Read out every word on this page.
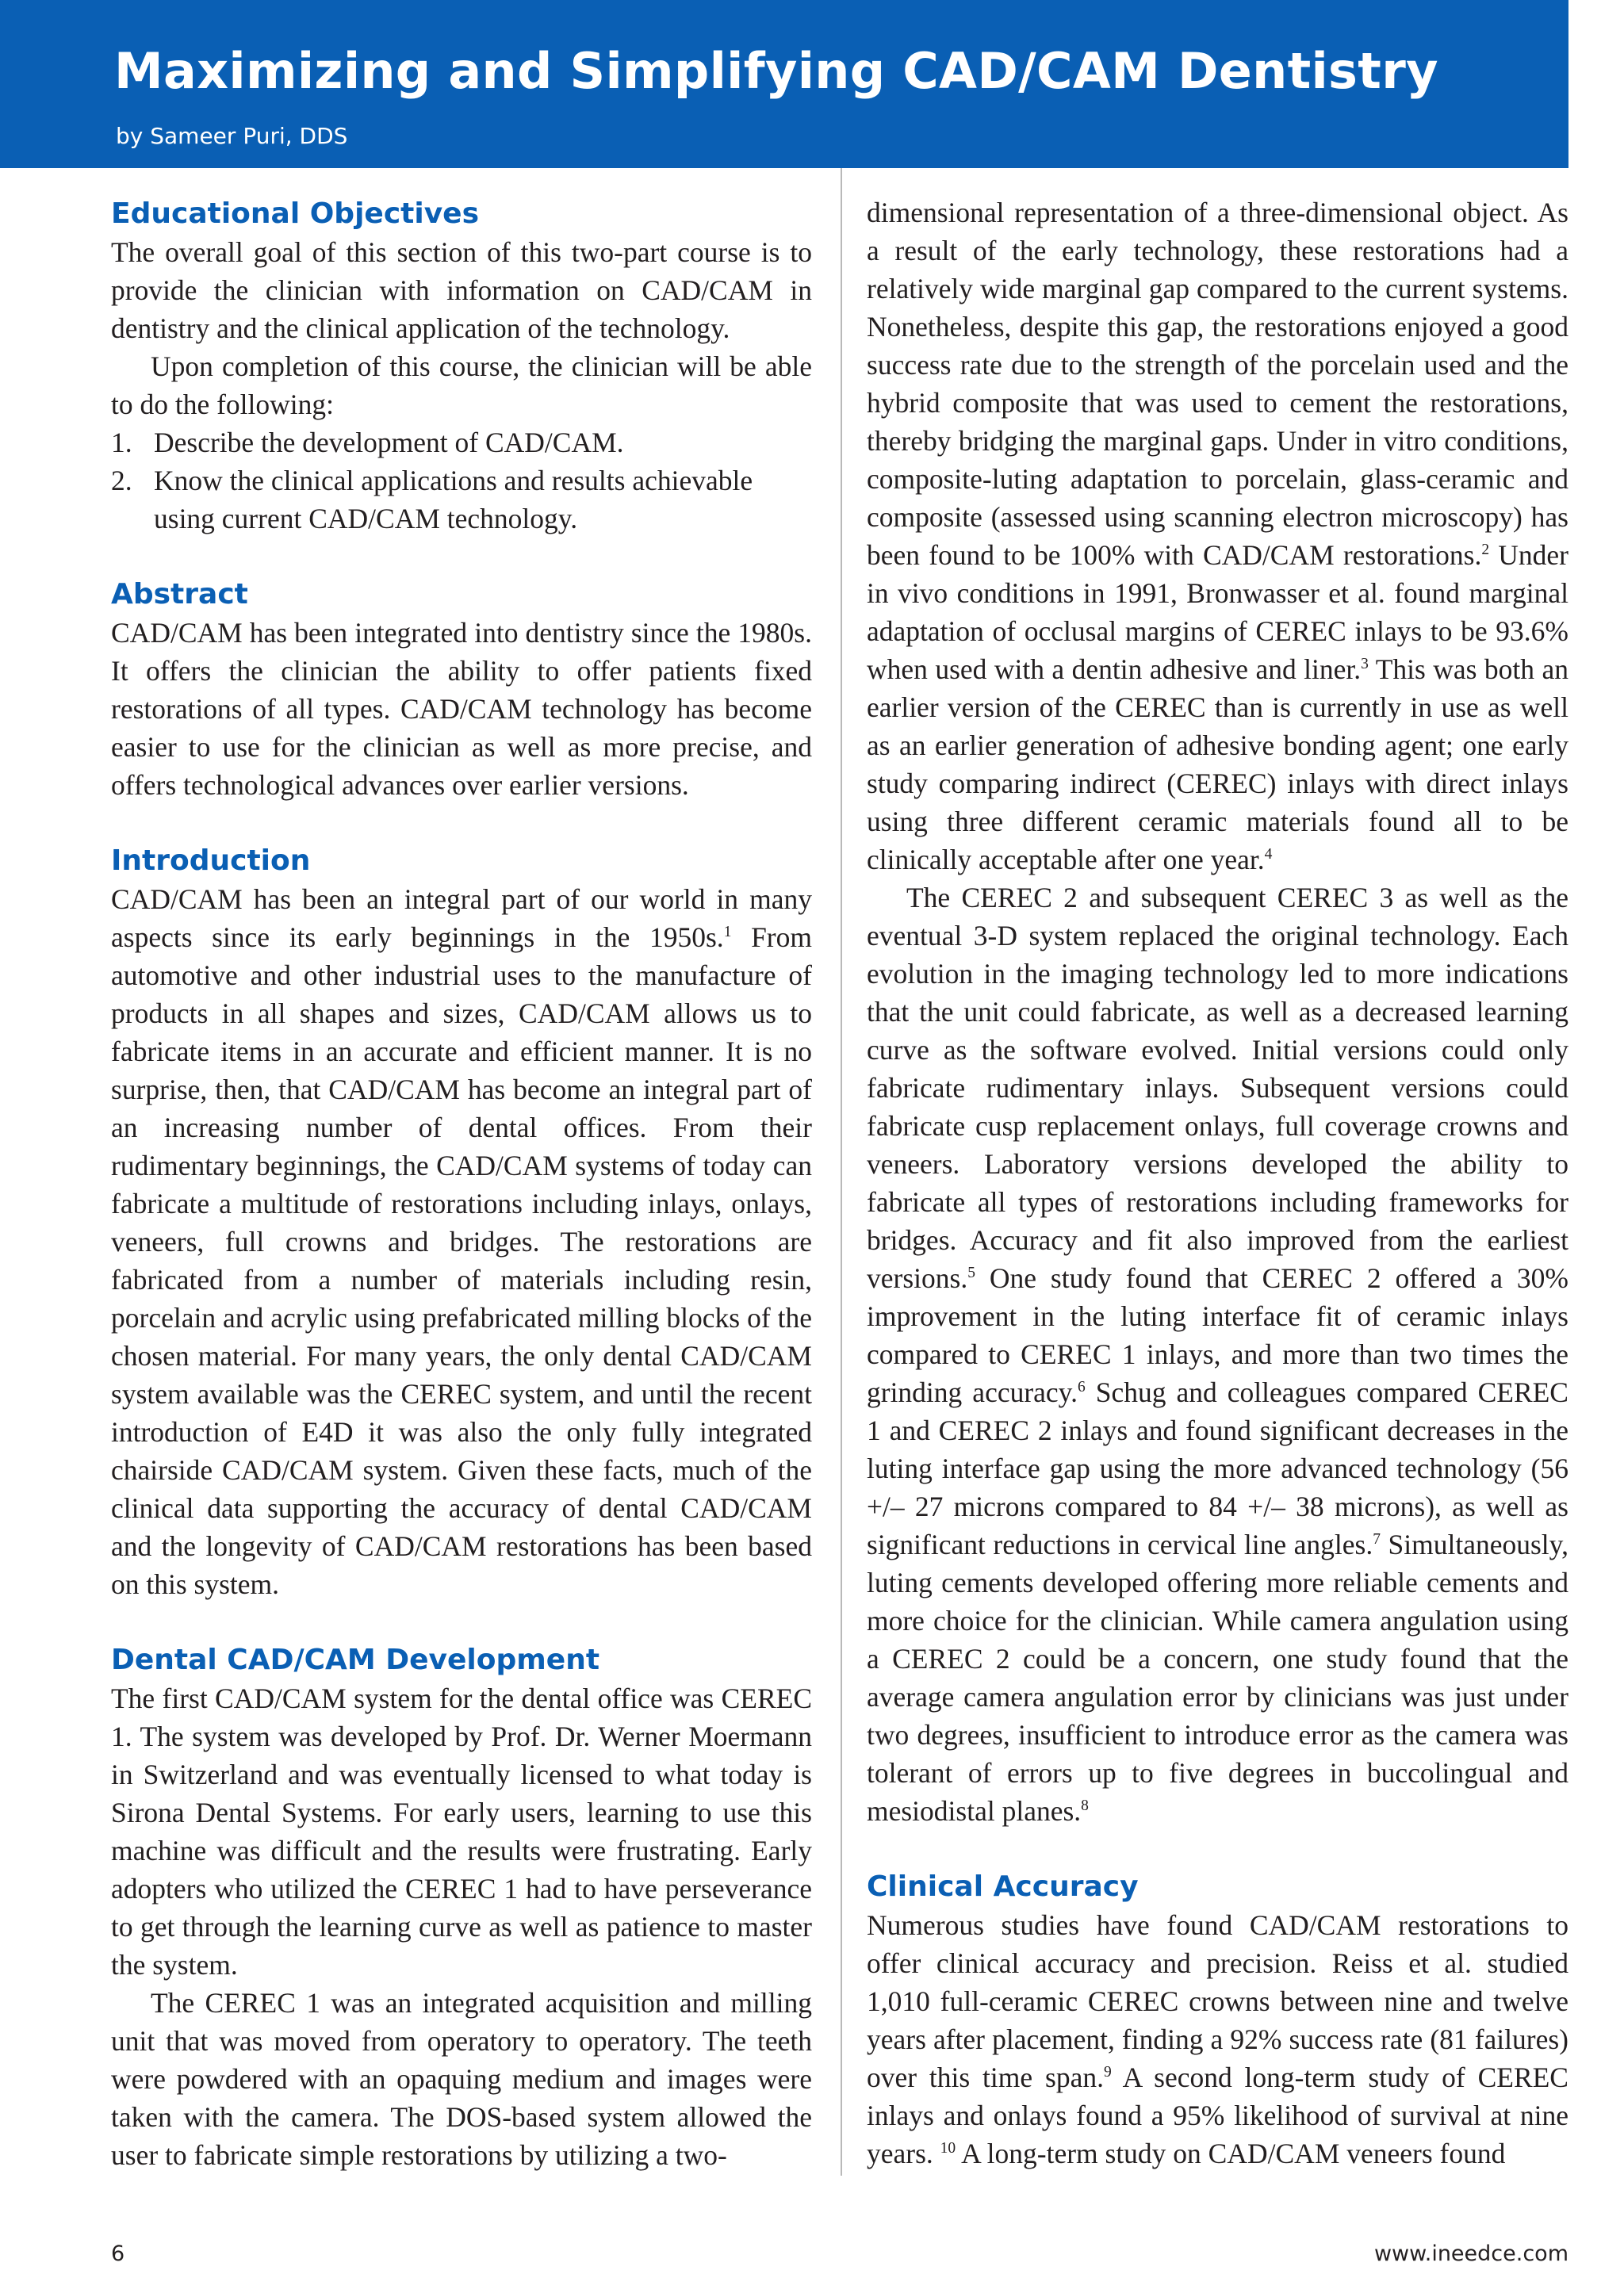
Maximizing and Simplifying CAD/CAM Dentistry
by Sameer Puri, DDS
Educational Objectives

The overall goal of this section of this two-part course is to provide the clinician with information on CAD/CAM in dentistry and the clinical application of the technology.

Upon completion of this course, the clinician will be able to do the following:

1. Describe the development of CAD/CAM.
2. Know the clinical applications and results achievable using current CAD/CAM technology.
Abstract

CAD/CAM has been integrated into dentistry since the 1980s. It offers the clinician the ability to offer patients fixed restorations of all types. CAD/CAM technology has become easier to use for the clinician as well as more precise, and offers technological advances over earlier versions.

Introduction

CAD/CAM has been an integral part of our world in many aspects since its early beginnings in the 1950s.$^1$ From automotive and other industrial uses to the manufacture of products in all shapes and sizes, CAD/CAM allows us to fabricate items in an accurate and efficient manner. It is no surprise, then, that CAD/CAM has become an integral part of an increasing number of dental offices. From their rudimentary beginnings, the CAD/CAM systems of today can fabricate a multitude of restorations including inlays, onlays, veneers, full crowns and bridges. The restorations are fabricated from a number of materials including resin, porcelain and acrylic using prefabricated milling blocks of the chosen material. For many years, the only dental CAD/CAM system available was the CEREC system, and until the recent introduction of E4D it was also the only fully integrated chairside CAD/CAM system. Given these facts, much of the clinical data supporting the accuracy of dental CAD/CAM and the longevity of CAD/CAM restorations has been based on this system.

Dental CAD/CAM Development

The first CAD/CAM system for the dental office was CEREC 1. The system was developed by Prof. Dr. Werner Moermann in Switzerland and was eventually licensed to what today is Sirona Dental Systems. For early users, learning to use this machine was difficult and the results were frustrating. Early adopters who utilized the CEREC 1 had to have perseverance to get through the learning curve as well as patience to master the system.

The CEREC 1 was an integrated acquisition and milling unit that was moved from operatory to operatory. The teeth were powdered with an opaquing medium and images were taken with the camera. The DOS-based system allowed the user to fabricate simple restorations by utilizing a two-

dimensional representation of a three-dimensional object. As a result of the early technology, these restorations had a relatively wide marginal gap compared to the current systems. Nonetheless, despite this gap, the restorations enjoyed a good success rate due to the strength of the porcelain used and the hybrid composite that was used to cement the restorations, thereby bridging the marginal gaps. Under in vitro conditions, composite-luting adaptation to porcelain, glass-ceramic and composite (assessed using scanning electron microscopy) has been found to be 100% with CAD/CAM restorations.$^2$ Under in vivo conditions in 1991, Bronwasser et al. found marginal adaptation of occlusal margins of CEREC inlays to be 93.6% when used with a dentin adhesive and liner.$^3$ This was both an earlier version of the CEREC than is currently in use as well as an earlier generation of adhesive bonding agent; one early study comparing indirect (CEREC) inlays with direct inlays using three different ceramic materials found all to be clinically acceptable after one year.$^4$

The CEREC 2 and subsequent CEREC 3 as well as the eventual 3-D system replaced the original technology. Each evolution in the imaging technology led to more indications that the unit could fabricate, as well as a decreased learning curve as the software evolved. Initial versions could only fabricate rudimentary inlays. Subsequent versions could fabricate cusp replacement onlays, full coverage crowns and veneers. Laboratory versions developed the ability to fabricate all types of restorations including frameworks for bridges. Accuracy and fit also improved from the earliest versions.$^5$ One study found that CEREC 2 offered a 30% improvement in the luting interface fit of ceramic inlays compared to CEREC 1 inlays, and more than two times the grinding accuracy.$^6$ Schug and colleagues compared CEREC 1 and CEREC 2 inlays and found significant decreases in the luting interface gap using the more advanced technology (56 +/– 27 microns compared to 84 +/– 38 microns), as well as significant reductions in cervical line angles.$^7$ Simultaneously, luting cements developed offering more reliable cements and more choice for the clinician. While camera angulation using a CEREC 2 could be a concern, one study found that the average camera angulation error by clinicians was just under two degrees, insufficient to introduce error as the camera was tolerant of errors up to five degrees in buccolingual and mesiodistal planes.$^8$

Clinical Accuracy

Numerous studies have found CAD/CAM restorations to offer clinical accuracy and precision. Reiss et al. studied 1,010 full-ceramic CEREC crowns between nine and twelve years after placement, finding a 92% success rate (81 failures) over this time span.$^9$ A second long-term study of CEREC inlays and onlays found a 95% likelihood of survival at nine years. $^{10}$ A long-term study on CAD/CAM veneers found

6	www.ineedce.com
